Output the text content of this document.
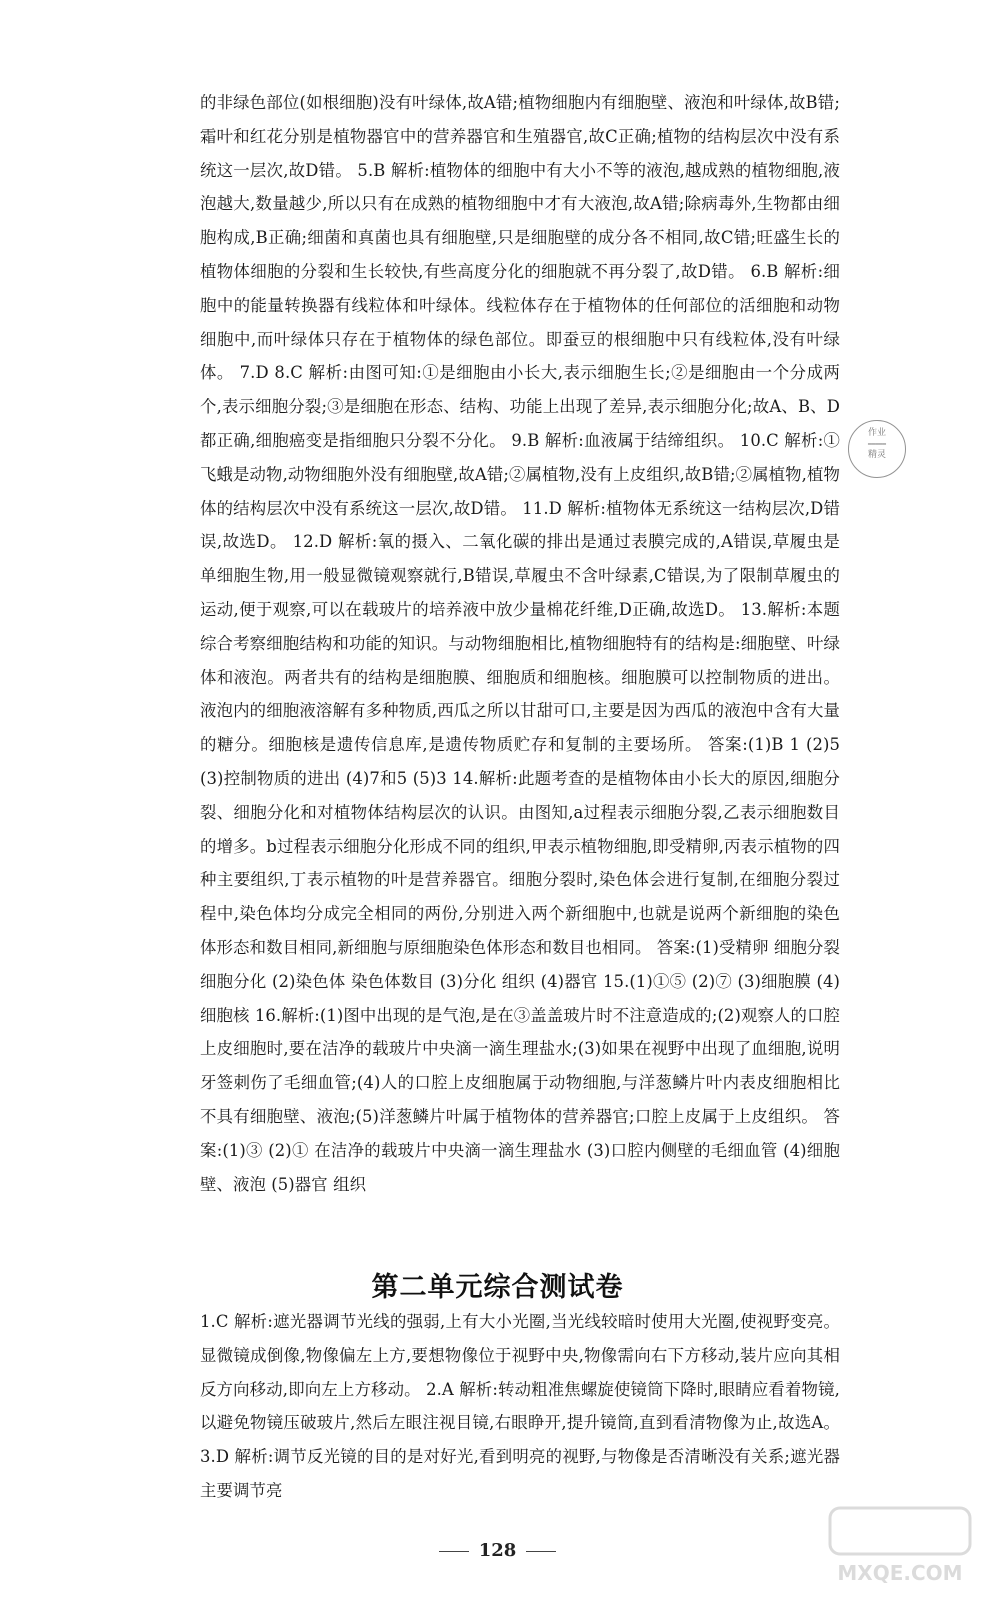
的非绿色部位(如根细胞)没有叶绿体,故A错;植物细胞内有细胞壁、液泡和叶绿体,故B错;霜叶和红花分别是植物器官中的营养器官和生殖器官,故C正确;植物的结构层次中没有系统这一层次,故D错。 5.B 解析:植物体的细胞中有大小不等的液泡,越成熟的植物细胞,液泡越大,数量越少,所以只有在成熟的植物细胞中才有大液泡,故A错;除病毒外,生物都由细胞构成,B正确;细菌和真菌也具有细胞壁,只是细胞壁的成分各不相同,故C错;旺盛生长的植物体细胞的分裂和生长较快,有些高度分化的细胞就不再分裂了,故D错。 6.B 解析:细胞中的能量转换器有线粒体和叶绿体。线粒体存在于植物体的任何部位的活细胞和动物细胞中,而叶绿体只存在于植物体的绿色部位。即蚕豆的根细胞中只有线粒体,没有叶绿体。 7.D 8.C 解析:由图可知:①是细胞由小长大,表示细胞生长;②是细胞由一个分成两个,表示细胞分裂;③是细胞在形态、结构、功能上出现了差异,表示细胞分化;故A、B、D都正确,细胞癌变是指细胞只分裂不分化。 9.B 解析:血液属于结缔组织。 10.C 解析:①飞蛾是动物,动物细胞外没有细胞壁,故A错;②属植物,没有上皮组织,故B错;②属植物,植物体的结构层次中没有系统这一层次,故D错。 11.D 解析:植物体无系统这一结构层次,D错误,故选D。 12.D 解析:氧的摄入、二氧化碳的排出是通过表膜完成的,A错误,草履虫是单细胞生物,用一般显微镜观察就行,B错误,草履虫不含叶绿素,C错误,为了限制草履虫的运动,便于观察,可以在载玻片的培养液中放少量棉花纤维,D正确,故选D。 13.解析:本题综合考察细胞结构和功能的知识。与动物细胞相比,植物细胞特有的结构是:细胞壁、叶绿体和液泡。两者共有的结构是细胞膜、细胞质和细胞核。细胞膜可以控制物质的进出。液泡内的细胞液溶解有多种物质,西瓜之所以甘甜可口,主要是因为西瓜的液泡中含有大量的糖分。细胞核是遗传信息库,是遗传物质贮存和复制的主要场所。 答案:(1)B 1 (2)5 (3)控制物质的进出 (4)7和5 (5)3 14.解析:此题考查的是植物体由小长大的原因,细胞分裂、细胞分化和对植物体结构层次的认识。由图知,a过程表示细胞分裂,乙表示细胞数目的增多。b过程表示细胞分化形成不同的组织,甲表示植物细胞,即受精卵,丙表示植物的四种主要组织,丁表示植物的叶是营养器官。细胞分裂时,染色体会进行复制,在细胞分裂过程中,染色体均分成完全相同的两份,分别进入两个新细胞中,也就是说两个新细胞的染色体形态和数目相同,新细胞与原细胞染色体形态和数目也相同。 答案:(1)受精卵 细胞分裂 细胞分化 (2)染色体 染色体数目 (3)分化 组织 (4)器官 15.(1)①⑤ (2)⑦ (3)细胞膜 (4)细胞核 16.解析:(1)图中出现的是气泡,是在③盖盖玻片时不注意造成的;(2)观察人的口腔上皮细胞时,要在洁净的载玻片中央滴一滴生理盐水;(3)如果在视野中出现了血细胞,说明牙签刺伤了毛细血管;(4)人的口腔上皮细胞属于动物细胞,与洋葱鳞片叶内表皮细胞相比不具有细胞壁、液泡;(5)洋葱鳞片叶属于植物体的营养器官;口腔上皮属于上皮组织。 答案:(1)③ (2)① 在洁净的载玻片中央滴一滴生理盐水 (3)口腔内侧壁的毛细血管 (4)细胞壁、液泡 (5)器官 组织

作业
━━━━━
精灵
第二单元综合测试卷

1.C 解析:遮光器调节光线的强弱,上有大小光圈,当光线较暗时使用大光圈,使视野变亮。显微镜成倒像,物像偏左上方,要想物像位于视野中央,物像需向右下方移动,装片应向其相反方向移动,即向左上方移动。 2.A 解析:转动粗准焦螺旋使镜筒下降时,眼睛应看着物镜,以避免物镜压破玻片,然后左眼注视目镜,右眼睁开,提升镜筒,直到看清物像为止,故选A。 3.D 解析:调节反光镜的目的是对好光,看到明亮的视野,与物像是否清晰没有关系;遮光器主要调节亮

128
MXQE.COM
